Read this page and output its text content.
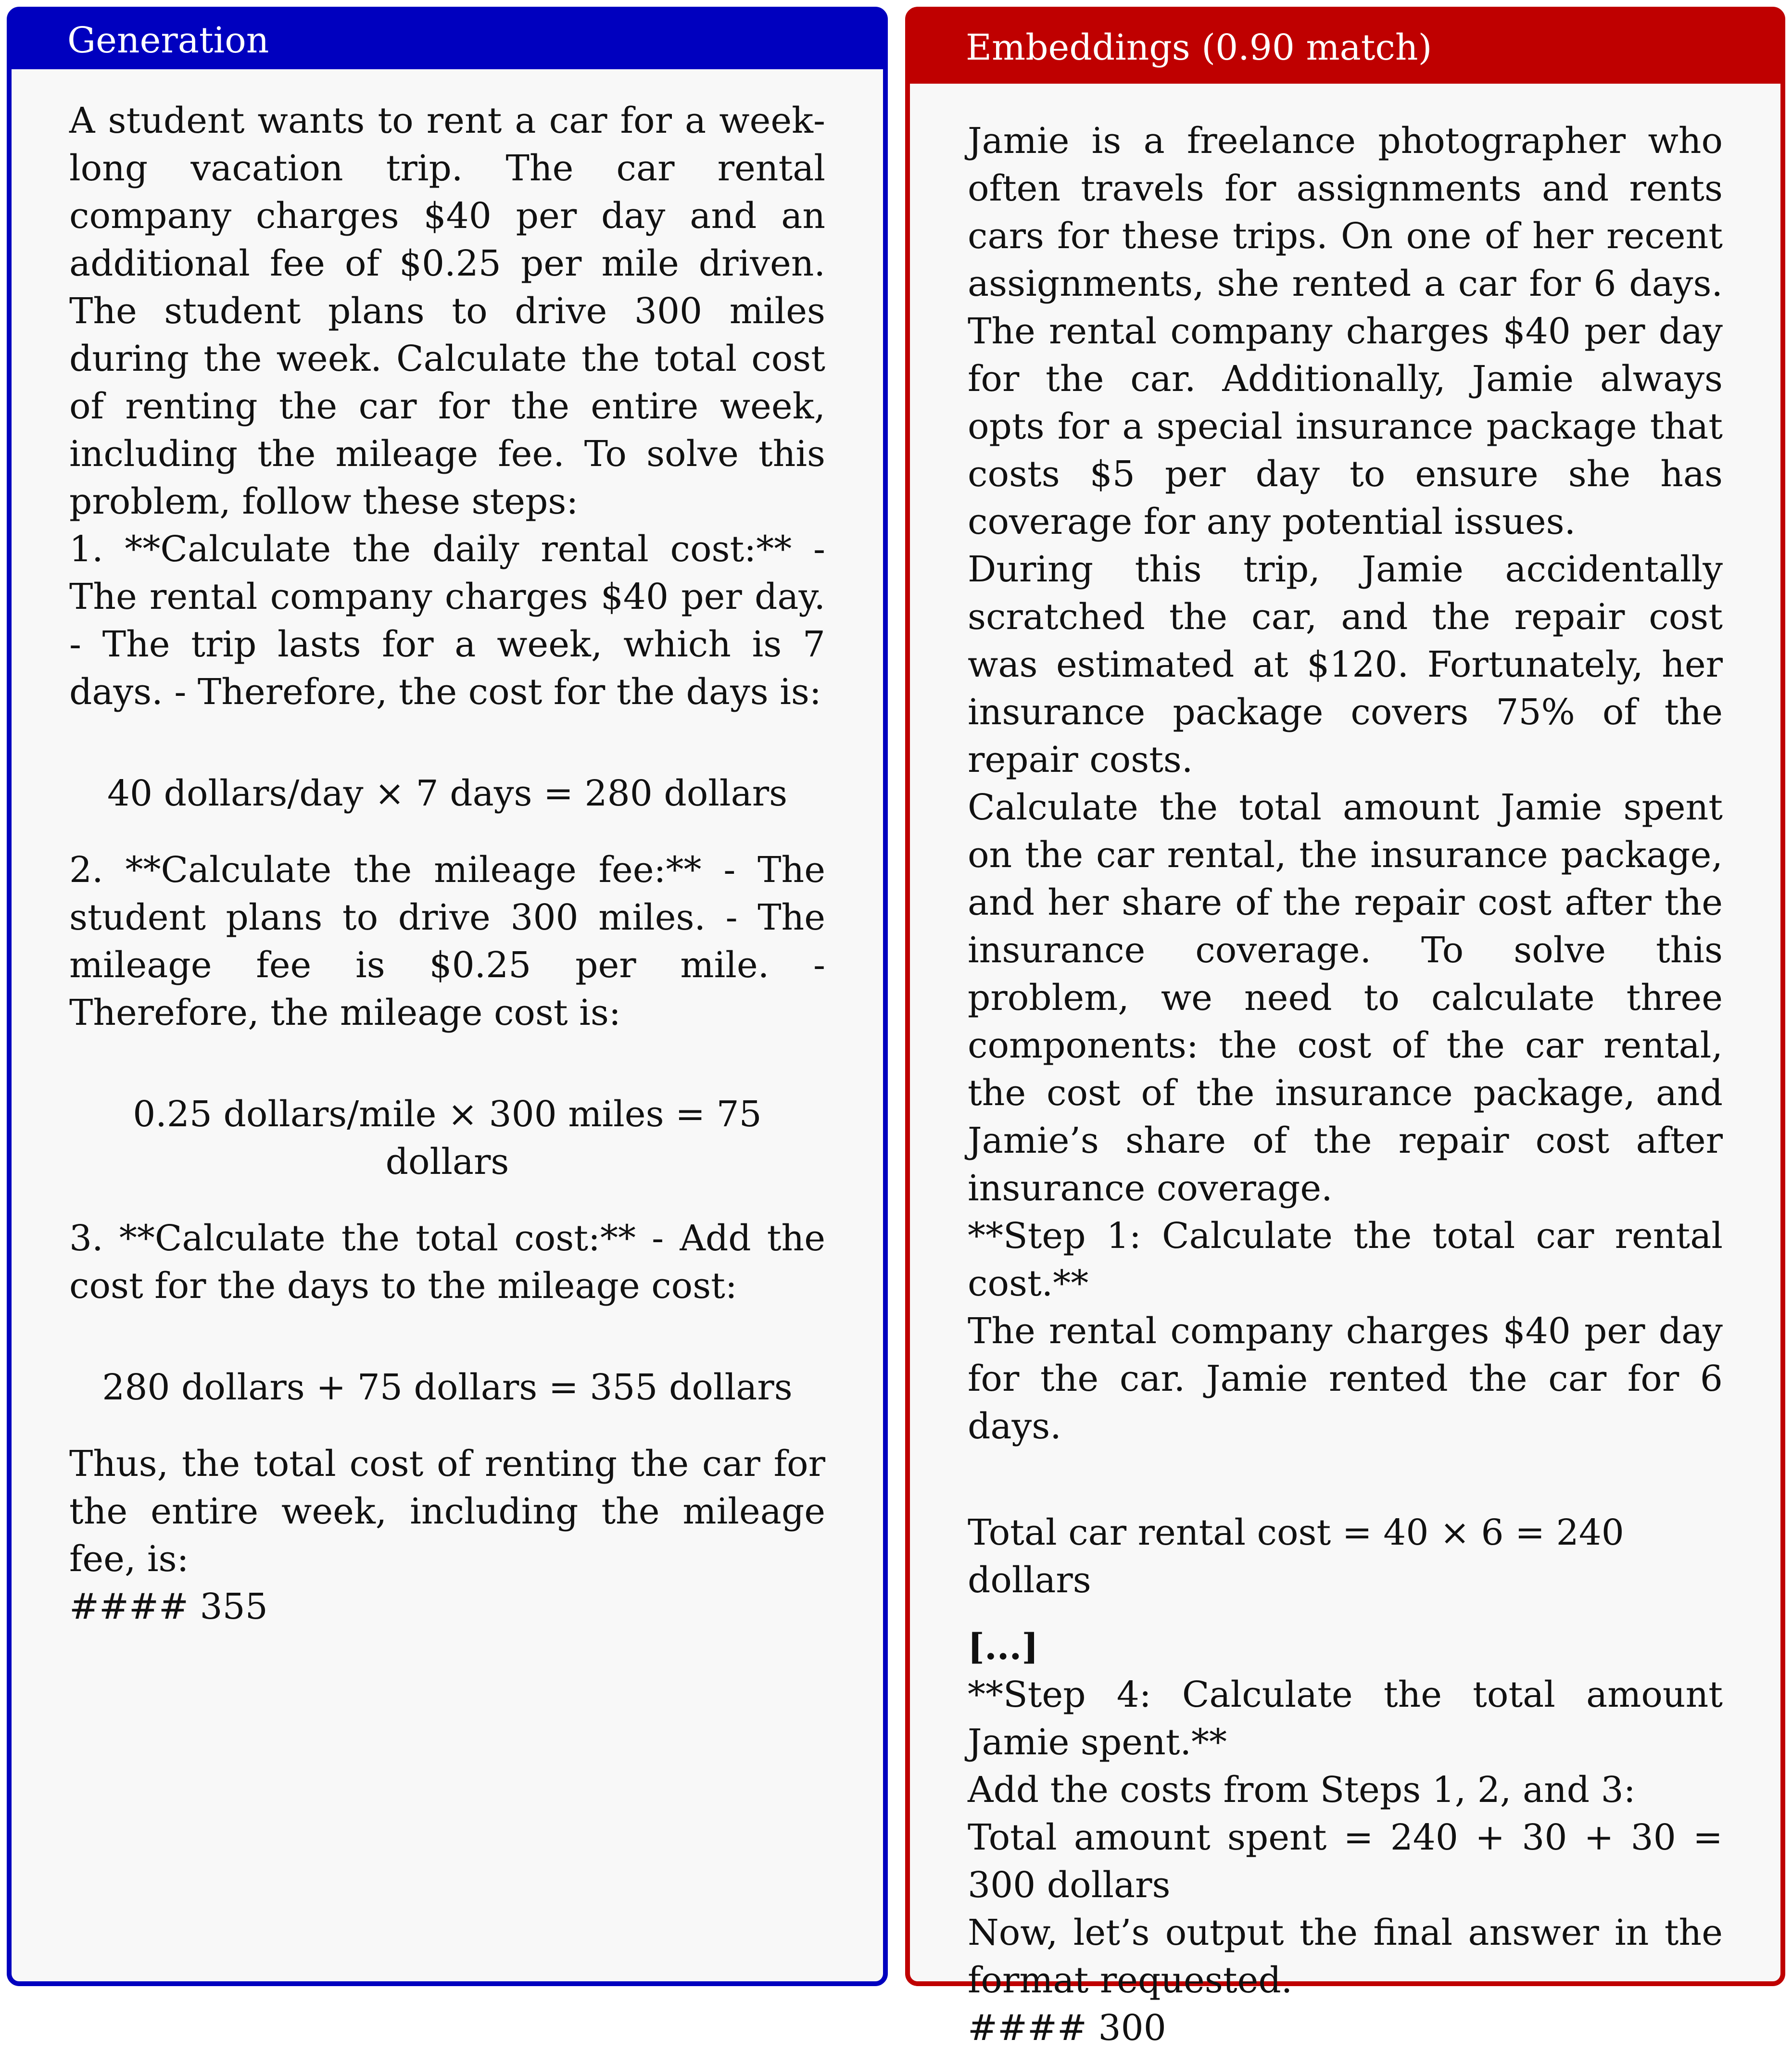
Generation

A student wants to rent a car for a weeklong vacation trip. The car rental company charges $40 per day and an additional fee of $0.25 per mile driven. The student plans to drive 300 miles during the week. Calculate the total cost of renting the car for the entire week, including the mileage fee. To solve this problem, follow these steps:

1. **Calculate the daily rental cost:** - The rental company charges $40 per day. - The trip lasts for a week, which is 7 days. - Therefore, the cost for the days is:

40 dollars/day × 7 days = 280 dollars

2. **Calculate the mileage fee:** - The student plans to drive 300 miles. - The mileage fee is $0.25 per mile. - Therefore, the mileage cost is:

0.25 dollars/mile × 300 miles = 75 dollars

3. **Calculate the total cost:** - Add the cost for the days to the mileage cost:

280 dollars + 75 dollars = 355 dollars

Thus, the total cost of renting the car for the entire week, including the mileage fee, is:

#### 355

Embeddings (0.90 match)

Jamie is a freelance photographer who often travels for assignments and rents cars for these trips. On one of her recent assignments, she rented a car for 6 days. The rental company charges $40 per day for the car. Additionally, Jamie always opts for a special insurance package that costs $5 per day to ensure she has coverage for any potential issues.

During this trip, Jamie accidentally scratched the car, and the repair cost was estimated at $120. Fortunately, her insurance package covers 75% of the repair costs.

Calculate the total amount Jamie spent on the car rental, the insurance package, and her share of the repair cost after the insurance coverage. To solve this problem, we need to calculate three components: the cost of the car rental, the cost of the insurance package, and Jamie’s share of the repair cost after insurance coverage.

**Step 1: Calculate the total car rental cost.**

The rental company charges $40 per day for the car. Jamie rented the car for 6 days.

Total car rental cost = 40 × 6 = 240 dollars

[...]

**Step 4: Calculate the total amount Jamie spent.**

Add the costs from Steps 1, 2, and 3:

Total amount spent = 240 + 30 + 30 = 300 dollars

Now, let’s output the final answer in the format requested.

#### 300
